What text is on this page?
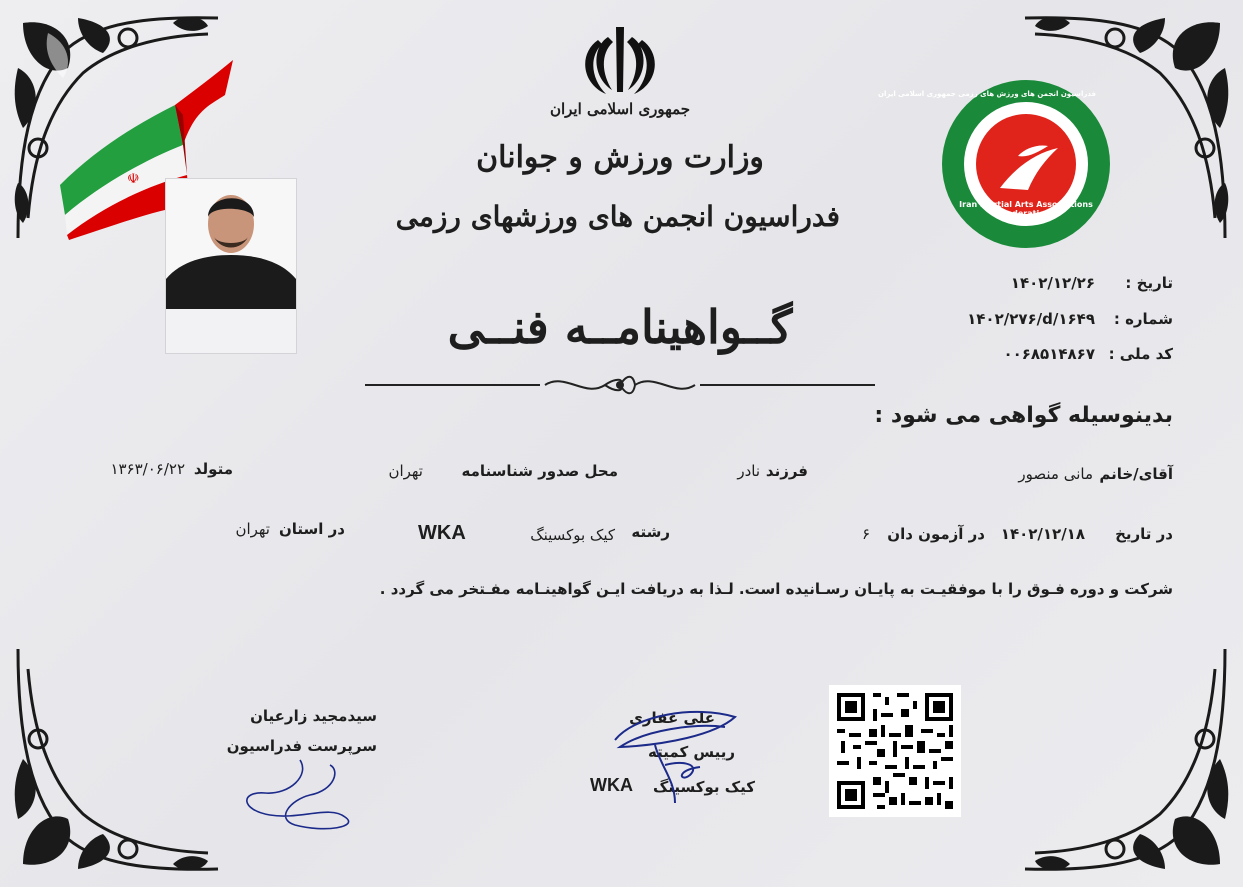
☫
جمهوری اسلامی ایران
وزارت ورزش و جوانان
فدراسیون انجمن های ورزشهای رزمی	Iran Martial Arts Associations Federation
فدراسیون انجمن های ورزش های رزمی جمهوری اسلامی ایران
تاریخ :
۱۴۰۲/۱۲/۲۶
شماره :
۱۴۰۲/۲۷۶/d/۱۶۴۹
کد ملی :
۰۰۶۸۵۱۴۸۶۷
گــواهینامــه فنــی
بدینوسیله گواهی می شود :
آقای/خانم
مانی منصور
فرزند
نادر
محل صدور شناسنامه
تهران
متولد
۱۳۶۳/۰۶/۲۲
در تاریخ
۱۴۰۲/۱۲/۱۸
در آزمون دان
۶
رشته
کیک بوکسینگ
WKA
در استان
تهران
شرکت و دوره فـوق را با موفقیـت به پایـان رسـانیده است. لـذا به دریافت ایـن گواهینـامه مفـتخر می گردد .
سیدمجید زارعیان
سرپرست فدراسیون
علی غفاری
رییس کمیته
کیک بوکسینگ
WKA
